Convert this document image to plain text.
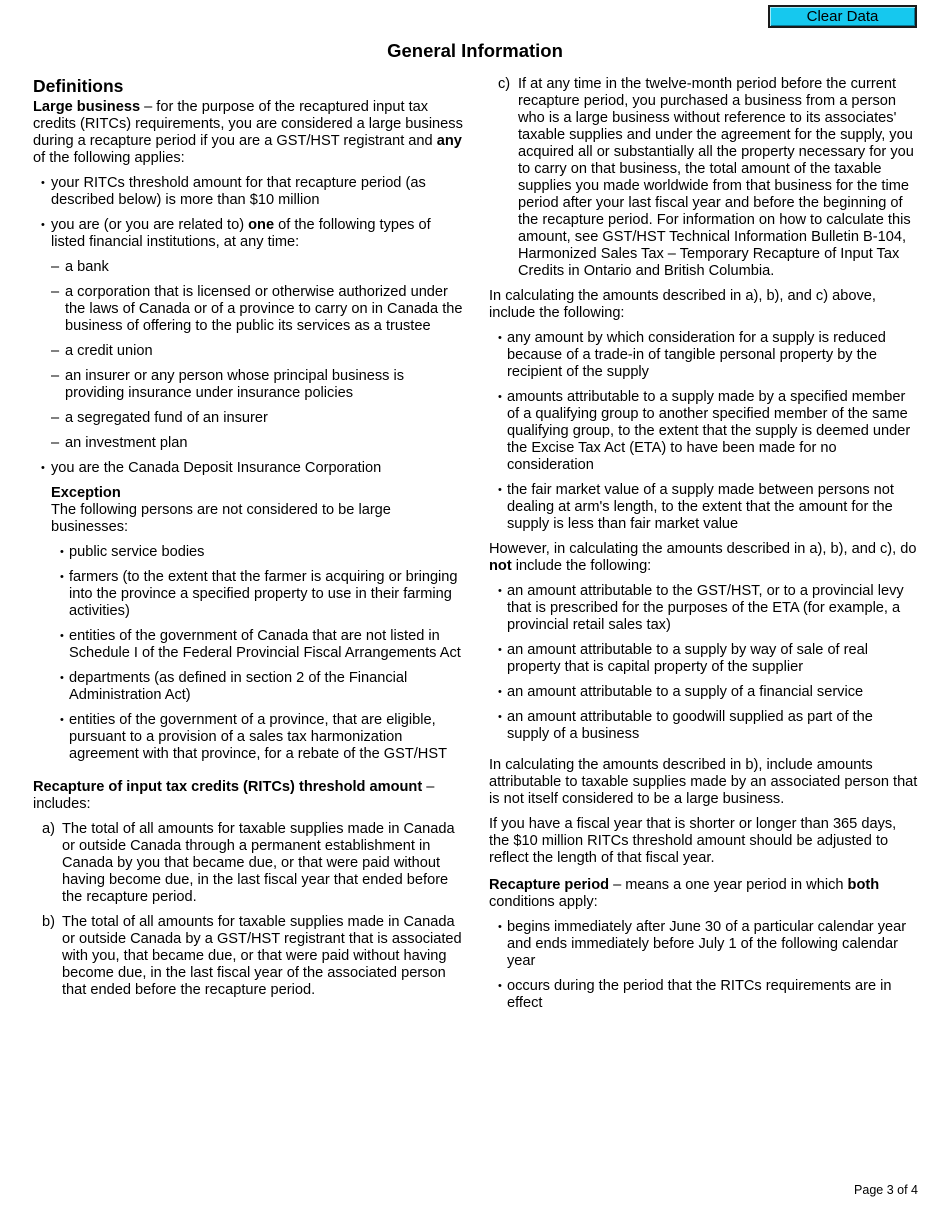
Clear Data
General Information
Definitions

Large business – for the purpose of the recaptured input tax credits (RITCs) requirements, you are considered a large business during a recapture period if you are a GST/HST registrant and any of the following applies:

• your RITCs threshold amount for that recapture period (as described below) is more than $10 million
• you are (or you are related to) one of the following types of listed financial institutions, at any time:
– a bank
– a corporation that is licensed or otherwise authorized under the laws of Canada or of a province to carry on in Canada the business of offering to the public its services as a trustee
– a credit union
– an insurer or any person whose principal business is providing insurance under insurance policies
– a segregated fund of an insurer
– an investment plan
• you are the Canada Deposit Insurance Corporation
Exception

The following persons are not considered to be large businesses:

• public service bodies
• farmers (to the extent that the farmer is acquiring or bringing into the province a specified property to use in their farming activities)
• entities of the government of Canada that are not listed in Schedule I of the Federal Provincial Fiscal Arrangements Act
• departments (as defined in section 2 of the Financial Administration Act)
• entities of the government of a province, that are eligible, pursuant to a provision of a sales tax harmonization agreement with that province, for a rebate of the GST/HST

Recapture of input tax credits (RITCs) threshold amount – includes:

a) The total of all amounts for taxable supplies made in Canada or outside Canada through a permanent establishment in Canada by you that became due, or that were paid without having become due, in the last fiscal year that ended before the recapture period.
b) The total of all amounts for taxable supplies made in Canada or outside Canada by a GST/HST registrant that is associated with you, that became due, or that were paid without having become due, in the last fiscal year of the associated person that ended before the recapture period.
c) If at any time in the twelve-month period before the current recapture period, you purchased a business from a person who is a large business without reference to its associates' taxable supplies and under the agreement for the supply, you acquired all or substantially all the property necessary for you to carry on that business, the total amount of the taxable supplies you made worldwide from that business for the time period after your last fiscal year and before the beginning of the recapture period. For information on how to calculate this amount, see GST/HST Technical Information Bulletin B-104, Harmonized Sales Tax – Temporary Recapture of Input Tax Credits in Ontario and British Columbia.

In calculating the amounts described in a), b), and c) above, include the following:

• any amount by which consideration for a supply is reduced because of a trade-in of tangible personal property by the recipient of the supply
• amounts attributable to a supply made by a specified member of a qualifying group to another specified member of the same qualifying group, to the extent that the supply is deemed under the Excise Tax Act (ETA) to have been made for no consideration
• the fair market value of a supply made between persons not dealing at arm's length, to the extent that the amount for the supply is less than fair market value

However, in calculating the amounts described in a), b), and c), do not include the following:

• an amount attributable to the GST/HST, or to a provincial levy that is prescribed for the purposes of the ETA (for example, a provincial retail sales tax)
• an amount attributable to a supply by way of sale of real property that is capital property of the supplier
• an amount attributable to a supply of a financial service
• an amount attributable to goodwill supplied as part of the supply of a business

In calculating the amounts described in b), include amounts attributable to taxable supplies made by an associated person that is not itself considered to be a large business.

If you have a fiscal year that is shorter or longer than 365 days, the $10 million RITCs threshold amount should be adjusted to reflect the length of that fiscal year.

Recapture period – means a one year period in which both conditions apply:

• begins immediately after June 30 of a particular calendar year and ends immediately before July 1 of the following calendar year
• occurs during the period that the RITCs requirements are in effect
Page 3 of 4
